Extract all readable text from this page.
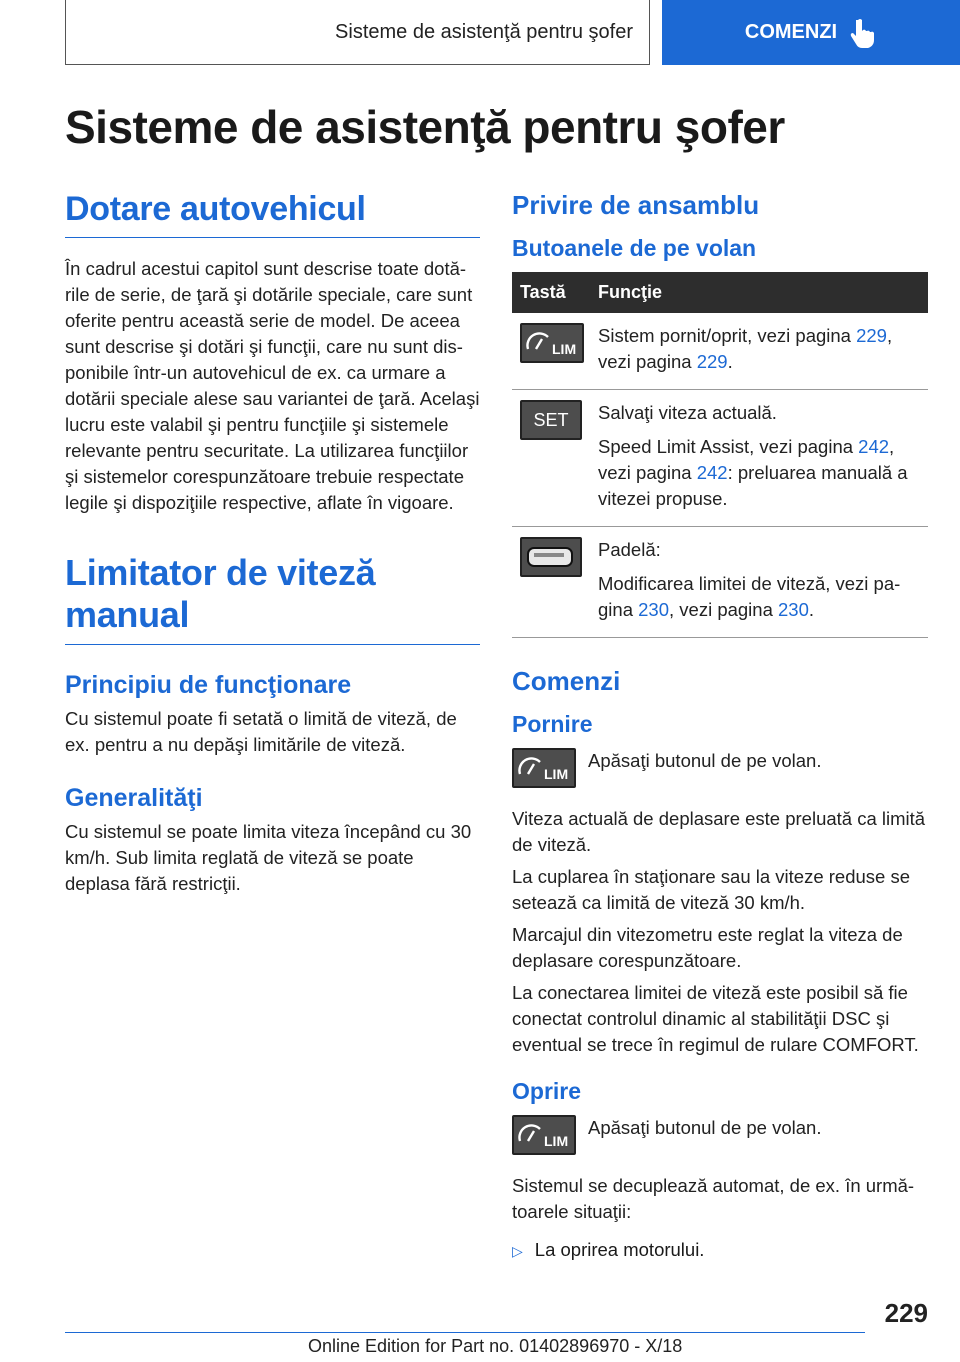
Sisteme de asistenţă pentru şofer	COMENZI
Sisteme de asistenţă pentru şofer
Dotare autovehicul
În cadrul acestui capitol sunt descrise toate dotările de serie, de ţară şi dotările speciale, care sunt oferite pentru această serie de model. De aceea sunt descrise şi dotări şi funcţii, care nu sunt disponibile într-un autovehicul de ex. ca urmare a dotării speciale alese sau variantei de ţară. Acelaşi lucru este valabil şi pentru funcţiile şi sistemele relevante pentru securitate. La utilizarea funcţiilor şi sistemelor corespunzătoare trebuie respectate legile şi dispoziţiile respective, aflate în vigoare.
Limitator de viteză manual
Principiu de funcţionare
Cu sistemul poate fi setată o limită de viteză, de ex. pentru a nu depăşi limitările de viteză.
Generalităţi
Cu sistemul se poate limita viteza începând cu 30 km/h. Sub limita reglată de viteză se poate deplasa fără restricţii.
Privire de ansamblu
Butoanele de pe volan
Tastă	Funcţie

LIM	Sistem pornit/oprit, vezi pagina 229, vezi pagina 229.

SET	Salvaţi viteza actuală.
Speed Limit Assist, vezi pagina 242, vezi pagina 242: preluarea manuală a vitezei propuse.

Padelă:
Modificarea limitei de viteză, vezi pagina 230, vezi pagina 230.
Comenzi
Pornire
LIM
Apăsaţi butonul de pe volan.
Viteza actuală de deplasare este preluată ca limită de viteză.
La cuplarea în staţionare sau la viteze reduse se setează ca limită de viteză 30 km/h.
Marcajul din vitezometru este reglat la viteza de deplasare corespunzătoare.
La conectarea limitei de viteză este posibil să fie conectat controlul dinamic al stabilităţii DSC şi eventual se trece în regimul de rulare COMFORT.
Oprire
LIM
Apăsaţi butonul de pe volan.
Sistemul se decuplează automat, de ex. în următoarele situaţii:
▷ La oprirea motorului.
229
Online Edition for Part no. 01402896970 - X/18
